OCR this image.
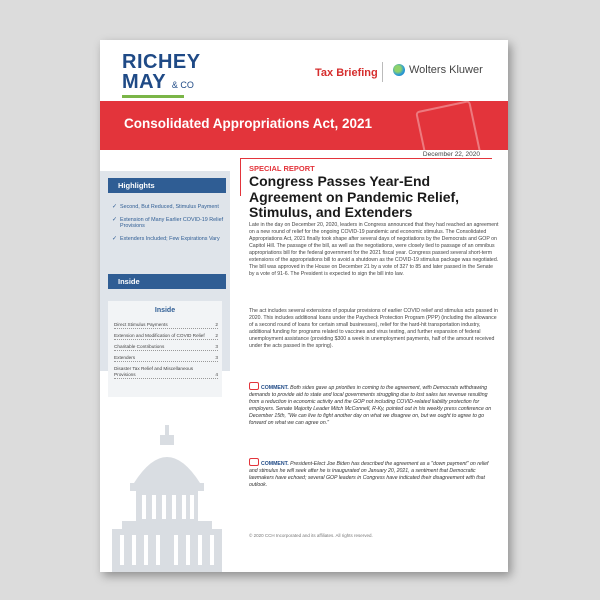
RICHEY
MAY & CO
Tax Briefing	Wolters Kluwer
Consolidated Appropriations Act, 2021
December 22, 2020
SPECIAL REPORT
Congress Passes Year-End Agreement on Pandemic Relief, Stimulus, and Extenders

Late in the day on December 20, 2020, leaders in Congress announced that they had reached an agreement on a new round of relief for the ongoing COVID-19 pandemic and economic stimulus. The Consolidated Appropriations Act, 2021 finally took shape after several days of negotiations by the Democrats and GOP on Capitol Hill. The passage of the bill, as well as the negotiations, were closely tied to passage of an omnibus appropriations bill for the federal government for the 2021 fiscal year. Congress passed several short-term extensions of the appropriations bill to avoid a shutdown as the COVID-19 stimulus package was negotiated. The bill was approved in the House on December 21 by a vote of 327 to 85 and later passed in the Senate by a vote of 91-6. The President is expected to sign the bill into law.

The act includes several extensions of popular provisions of earlier COVID relief and stimulus acts passed in 2020. This includes additional loans under the Paycheck Protection Program (PPP) (including the allowance of a second round of loans for certain small businesses), relief for the hard-hit transportation industry, additional funding for programs related to vaccines and virus testing, and further expansion of federal unemployment assistance (providing $300 a week in unemployment payments, half of the amount received under the acts passed in the spring).

COMMENT. Both sides gave up priorities in coming to the agreement, with Democrats withdrawing demands to provide aid to state and local governments struggling due to lost sales tax revenue resulting from a reduction in economic activity and the GOP not including COVID-related liability protection for employers. Senate Majority Leader Mitch McConnell, R-Ky, pointed out in his weekly press conference on December 15th, "We can live to fight another day on what we disagree on, but we ought to agree to go forward on what we can agree on."

COMMENT. President-Elect Joe Biden has described the agreement as a "down payment" on relief and stimulus he will seek after he is inaugurated on January 20, 2021, a sentiment that Democratic lawmakers have echoed; several GOP leaders in Congress have indicated their disagreement with that outlook.

© 2020 CCH Incorporated and its affiliates. All rights reserved.
Highlights
✓ Second, But Reduced, Stimulus Payment
✓ Extension of Many Earlier COVID-19 Relief Provisions
✓ Extenders Included; Few Expirations Vary
Inside
Inside
Direct Stimulus Payments	2
Extension and Modification of COVID Relief 2
Charitable Contributions	3
Extenders	3
Disaster Tax Relief and Miscellaneous Provisions	4
